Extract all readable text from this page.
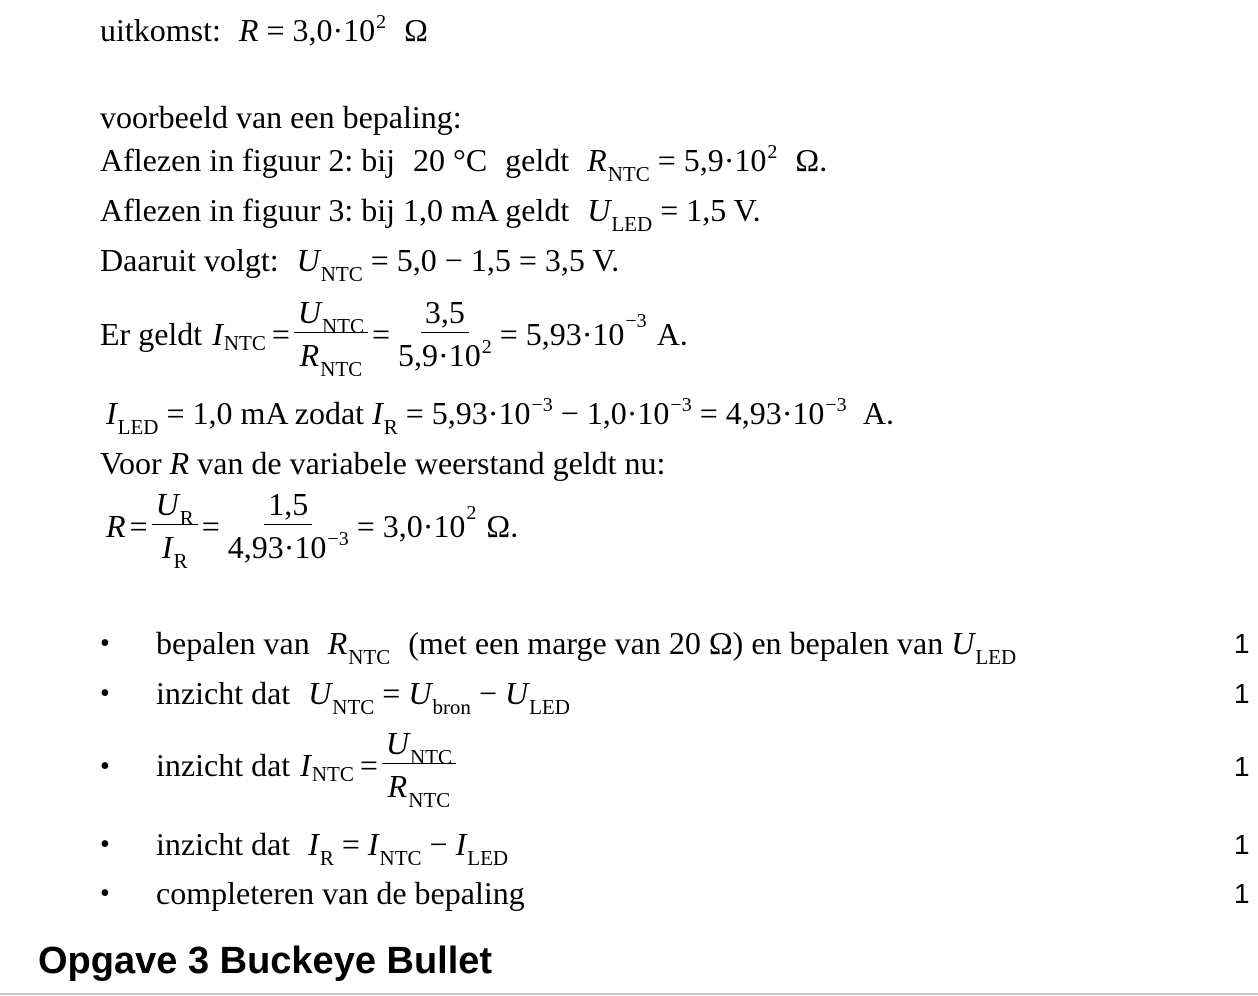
uitkomst: $R = 3,0\cdot 10^2$ Ω
voorbeeld van een bepaling:
Aflezen in figuur 2: bij 20 °C geldt $R_{NTC} = 5,9\cdot 10^2$ Ω.
Aflezen in figuur 3: bij 1,0 mA geldt $U_{LED} = 1,5$ V.
Daaruit volgt: $U_{NTC} = 5,0 - 1,5 = 3,5$ V.
Er geldt I NTC = $\frac{U_{NTC}}{R_{NTC}} = \frac{3,5}{5,9\cdot 10^2} = 5,93\cdot 10 -3$ A.
$I_{LED} = 1,0$ mA zodat $I_R = 5,93\cdot 10^{-3} - 1,0\cdot 10^{-3} = 4,93\cdot 10^{-3}$ A.
Voor R van de variabele weerstand geldt nu:
$R = \frac{U_R}{I_R} = \frac{1,5}{4,93\cdot 10^{-3}} = 3,0\cdot 10$ 2 Ω.
• bepalen van $R_{NTC}$ (met een marge van 20 Ω) en bepalen van $U_{LED}$	1
• inzicht dat $U_{NTC} = U_{bron} - U_{LED}$	1
• inzicht dat I NTC = $\frac{U_{NTC}}{R_{NTC}}$	1
• inzicht dat $I_R = I_{NTC} - I_{LED}$	1
• completeren van de bepaling	1
Opgave 3 Buckeye Bullet
